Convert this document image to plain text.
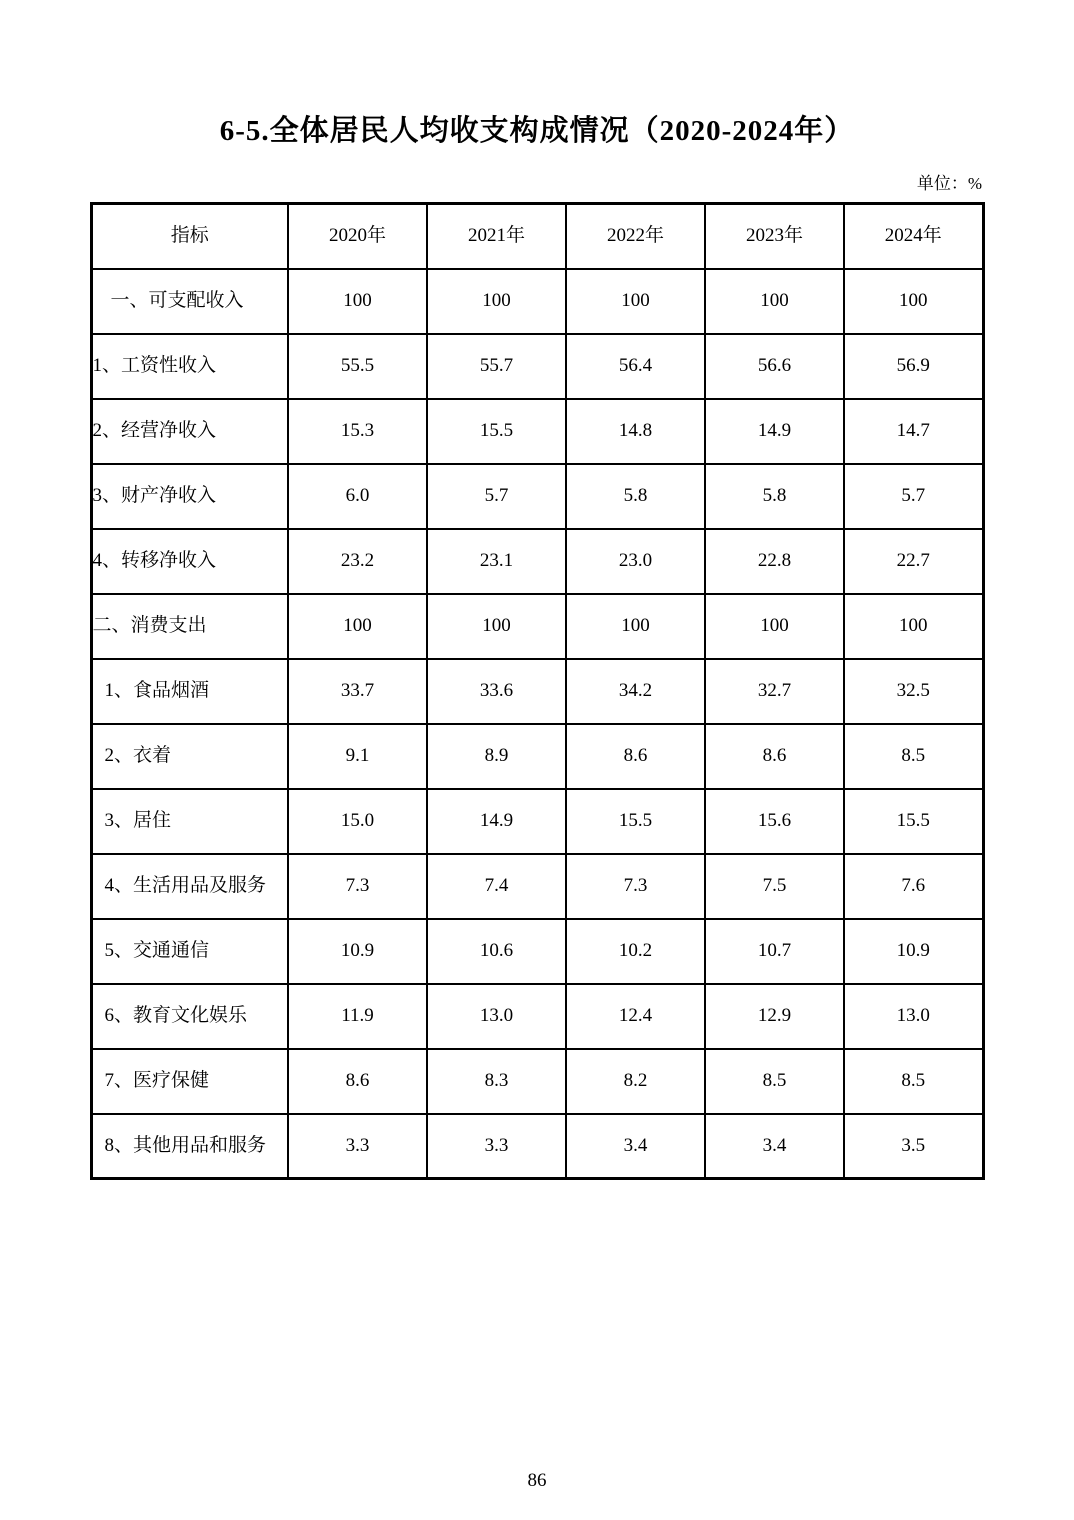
6-5.全体居民人均收支构成情况（2020-2024年）
单位：%
指标	2020年	2021年	2022年	2023年	2024年
一、可支配收入	100	100	100	100	100
1、工资性收入	55.5	55.7	56.4	56.6	56.9
2、经营净收入	15.3	15.5	14.8	14.9	14.7
3、财产净收入	6.0	5.7	5.8	5.8	5.7
4、转移净收入	23.2	23.1	23.0	22.8	22.7
二、消费支出	100	100	100	100	100
1、食品烟酒	33.7	33.6	34.2	32.7	32.5
2、衣着	9.1	8.9	8.6	8.6	8.5
3、居住	15.0	14.9	15.5	15.6	15.5
4、生活用品及服务	7.3	7.4	7.3	7.5	7.6
5、交通通信	10.9	10.6	10.2	10.7	10.9
6、教育文化娱乐	11.9	13.0	12.4	12.9	13.0
7、医疗保健	8.6	8.3	8.2	8.5	8.5
8、其他用品和服务	3.3	3.3	3.4	3.4	3.5
86
